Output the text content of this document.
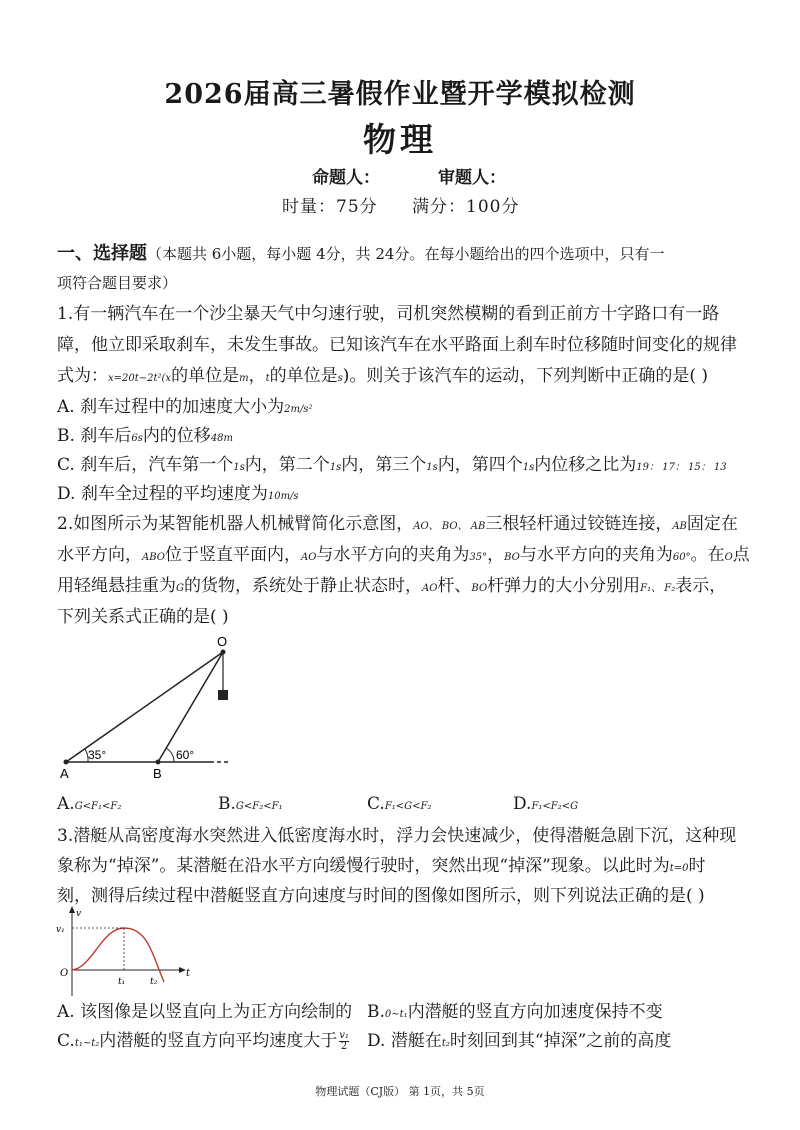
2026届高三暑假作业暨开学模拟检测
物理
命题人：	审题人：
时量：75分 满分：100分
一、选择题（本题共 6小题，每小题 4分，共 24分。在每小题给出的四个选项中，只有一
项符合题目要求）
1.有一辆汽车在一个沙尘暴天气中匀速行驶，司机突然模糊的看到正前方十字路口有一路
障，他立即采取刹车，未发生事故。已知该汽车在水平路面上刹车时位移随时间变化的规律
式为：x=20t−2t²(x的单位是m，t的单位是s)。则关于该汽车的运动，下列判断中正确的是( )
A. 刹车过程中的加速度大小为2m/s²
B. 刹车后6s内的位移48m
C. 刹车后，汽车第一个1s内，第二个1s内，第三个1s内，第四个1s内位移之比为19： 17： 15： 13
D. 刹车全过程的平均速度为10m/s
2.如图所示为某智能机器人机械臂简化示意图，AO、 BO、 AB三根轻杆通过铰链连接，AB固定在
水平方向，ABO位于竖直平面内，AO与水平方向的夹角为35°，BO与水平方向的夹角为60°。在O点
用轻绳悬挂重为G的货物，系统处于静止状态时，AO杆、BO杆弹力的大小分别用F₁、 F₂表示，
下列关系式正确的是( )
O
A	B
35°	60°
A.G<F₁<F₂	B.G<F₂<F₁	C.F₁<G<F₂	D.F₁<F₂<G
3.潜艇从高密度海水突然进入低密度海水时，浮力会快速减少，使得潜艇急剧下沉，这种现
象称为“掉深”。某潜艇在沿水平方向缓慢行驶时，突然出现“掉深”现象。以此时为t=0时
刻，测得后续过程中潜艇竖直方向速度与时间的图像如图所示，则下列说法正确的是( )
v
v₁
O	t
t₁	t₂
A. 该图像是以竖直向上为正方向绘制的 B.0~t₁内潜艇的竖直方向加速度保持不变
C.t₁~t₂内潜艇的竖直方向平均速度大于 $\frac{\text{v₁}}{2} D$. 潜艇在t₂时刻回到其“掉深”之前的高度
物理试题（CJ版） 第 1页，共 5页
